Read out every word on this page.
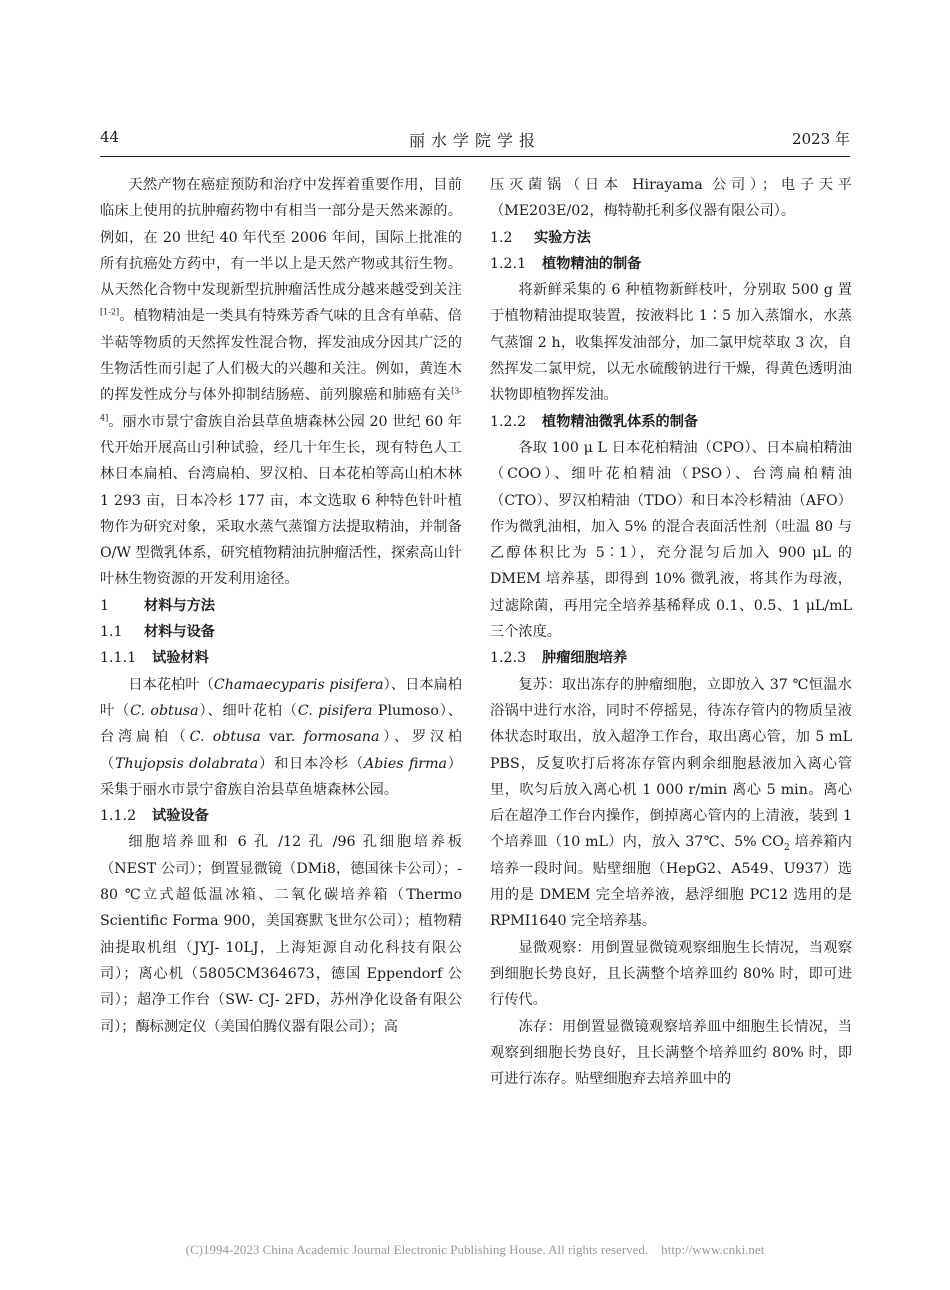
44	丽水学院学报	2023 年

天然产物在癌症预防和治疗中发挥着重要作用，目前临床上使用的抗肿瘤药物中有相当一部分是天然来源的。例如，在 20 世纪 40 年代至 2006 年间，国际上批准的所有抗癌处方药中，有一半以上是天然产物或其衍生物。从天然化合物中发现新型抗肿瘤活性成分越来越受到关注[1-2]。植物精油是一类具有特殊芳香气味的且含有单萜、倍半萜等物质的天然挥发性混合物，挥发油成分因其广泛的生物活性而引起了人们极大的兴趣和关注。例如，黄连木的挥发性成分与体外抑制结肠癌、前列腺癌和肺癌有关[3-4]。丽水市景宁畲族自治县草鱼塘森林公园 20 世纪 60 年代开始开展高山引种试验，经几十年生长，现有特色人工林日本扁柏、台湾扁柏、罗汉柏、日本花柏等高山柏木林 1 293 亩，日本冷杉 177 亩，本文选取 6 种特色针叶植物作为研究对象，采取水蒸气蒸馏方法提取精油，并制备 O/W 型微乳体系，研究植物精油抗肿瘤活性，探索高山针叶林生物资源的开发利用途径。

1 材料与方法

1.1 材料与设备

1.1.1 试验材料

日本花柏叶（Chamaecyparis pisifera）、日本扁柏叶（C. obtusa）、细叶花柏（C. pisifera Plumoso）、台湾扁柏（C. obtusa var. formosana）、罗汉柏（Thujopsis dolabrata）和日本冷杉（Abies firma）采集于丽水市景宁畲族自治县草鱼塘森林公园。

1.1.2 试验设备

细胞培养皿和 6 孔 /12 孔 /96 孔细胞培养板（NEST 公司）；倒置显微镜（DMi8，德国徕卡公司）；- 80 ℃立式超低温冰箱、二氧化碳培养箱（Thermo Scientific Forma 900，美国赛默飞世尔公司）；植物精油提取机组（JYJ- 10LJ，上海矩源自动化科技有限公司）；离心机（5805CM364673，德国 Eppendorf 公司）；超净工作台（SW- CJ- 2FD，苏州净化设备有限公司）；酶标测定仪（美国伯腾仪器有限公司）；高

压灭菌锅（日本 Hirayama 公司）；电子天平（ME203E/02，梅特勒托利多仪器有限公司）。

1.2 实验方法

1.2.1 植物精油的制备

将新鲜采集的 6 种植物新鲜枝叶，分别取 500 g 置于植物精油提取装置，按液料比 1∶5 加入蒸馏水，水蒸气蒸馏 2 h，收集挥发油部分，加二氯甲烷萃取 3 次，自然挥发二氯甲烷，以无水硫酸钠进行干燥，得黄色透明油状物即植物挥发油。

1.2.2 植物精油微乳体系的制备

各取 100 μ L 日本花柏精油（CPO）、日本扁柏精油（COO）、细叶花柏精油（PSO）、台湾扁柏精油（CTO）、罗汉柏精油（TDO）和日本冷杉精油（AFO）作为微乳油相，加入 5% 的混合表面活性剂（吐温 80 与乙醇体积比为 5∶1），充分混匀后加入 900 μL 的 DMEM 培养基，即得到 10% 微乳液，将其作为母液，过滤除菌，再用完全培养基稀释成 0.1、0.5、1 μL/mL 三个浓度。

1.2.3 肿瘤细胞培养

复苏：取出冻存的肿瘤细胞，立即放入 37 ℃恒温水浴锅中进行水浴，同时不停摇晃，待冻存管内的物质呈液体状态时取出，放入超净工作台，取出离心管，加 5 mL PBS，反复吹打后将冻存管内剩余细胞悬液加入离心管里，吹匀后放入离心机 1 000 r/min 离心 5 min。离心后在超净工作台内操作，倒掉离心管内的上清液，装到 1 个培养皿（10 mL）内，放入 37℃、5% $CO_2$ 培养箱内培养一段时间。贴壁细胞（HepG2、A549、U937）选用的是 DMEM 完全培养液，悬浮细胞 PC12 选用的是 RPMI1640 完全培养基。

显微观察：用倒置显微镜观察细胞生长情况，当观察到细胞长势良好，且长满整个培养皿约 80% 时，即可进行传代。

冻存：用倒置显微镜观察培养皿中细胞生长情况，当观察到细胞长势良好，且长满整个培养皿约 80% 时，即可进行冻存。贴壁细胞弃去培养皿中的

(C)1994-2023 China Academic Journal Electronic Publishing House. All rights reserved. http://www.cnki.net
